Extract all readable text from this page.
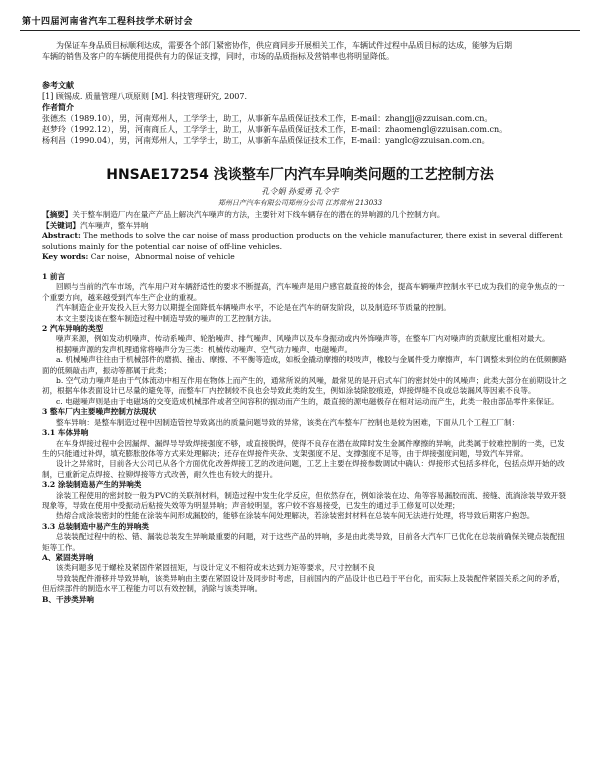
第十四届河南省汽车工程科技学术研讨会

为保证车身品质目标顺利达成，需要各个部门紧密协作，供应商同步开展相关工作，车辆试件过程中品质目标的达成，能够为后期

车辆的销售及客户的车辆使用提供有力的保证支撑，同时，市场的品质指标及营销率也将明显降低。

参考文献

[1] 顾锡成. 质量管理八项原则 [M]. 科技管理研究, 2007.

作者简介

张德杰（1989.10），男，河南郑州人，工学学士，助工，从事新车品质保证技术工作，E-mail：zhangjj@zzuisan.com.cn。

赵梦玲（1992.12），男，河南商丘人，工学学士，助工，从事新车品质保证技术工作，E-mail：zhaomengl@zzuisan.com.cn。

杨利昌（1990.04），男，河南郑州人，工学学士，助工，从事新车品质保证技术工作，E-mail：yanglc@zzuisan.com.cn。

HNSAE17254 浅谈整车厂内汽车异响类问题的工艺控制方法
孔令娟 孙爱勇 孔令宇
郑州日产汽车有限公司郑州分公司 江苏常州 213033

【摘要】关于整车制造厂内在量产产品上解决汽车噪声的方法，主要针对下线车辆存在的潜在的异响源的几个控制方向。

【关键词】汽车噪声，整车异响

Abstract: The methods to solve the car noise of mass production products on the vehicle manufacturer, there exist in several different solutions mainly for the potential car noise of off-line vehicles.

Key words: Car noise，Abnormal noise of vehicle

1 前言

回顾与当前的汽车市场，汽车用户对车辆舒适性的要求不断提高，汽车噪声是用户感官最直接的体会，提高车辆噪声控制水平已成为我们的竞争焦点的一个重要方向，越来越受到汽车生产企业的重视。

汽车制造企业开发投入巨大努力以期提全面降低车辆噪声水平，不论是在汽车的研发阶段，以及制造环节质量的控制。

本文主要浅谈在整车制造过程中制造导致的噪声的工艺控制方法。

2 汽车异响的类型

噪声来源，例如发动机噪声、传动系噪声、轮胎噪声、排气噪声、风噪声以及车身振动或内外饰噪声等，在整车厂内对噪声的贡献度比重相对最大。

根据噪声源的发声机理通常将噪声分为三类：机械传动噪声、空气动力噪声、电磁噪声。

a. 机械噪声往往由于机械部件的磨损、撞击、摩擦、不平衡等造成，如板金撬动摩擦的吱吱声，橡胶与金属件受力摩擦声，车门调整未到位的在低频颤路面的低频敲击声，振动等都属于此类；

b. 空气动力噪声是由于气体流动中相互作用在物体上而产生的，通常所说的风噪，最常见的是开启式车门的密封处中的风噪声；此类大部分在前期设计之初，根据车体表面设计已尽量的避免等，而整车厂内控制较不良也会导致此类的发生，例如涂装除胶痕迹，焊接焊缝不良或总装漏风等因素不良等。

c. 电磁噪声则是由于电磁场的交变造成机械部件或者空间容积的振动而产生的，最直接的源电磁极存在相对运动而产生，此类一般由部品零件来保证。

3 整车厂内主要噪声控制方法现状

整车异响：是整车制造过程中因制造管控导致离出的质量问题导致的异常，该类在汽车整车厂控制也是较为困难，下面从几个工程工厂制：

3.1 车体异响

在车身焊接过程中会因漏焊、漏焊导导致焊接强度不够，或直接脱焊，使得不良存在潜在故障时发生金属件摩擦的异响，此类属于较难控制的一类，已发生的只能通过补焊，填充膨胀胶体等方式来处理解决；还存在焊接件夹杂、支架强度不足、支撑强度不足等，由于焊接强度问题，导致汽车异常。

设计之异常时，目前各大公司已从各个方面优化改善焊接工艺的改进问题，工艺上主要在焊接参数调试中确认：焊接形式包括多样化，包括点焊开始的改制，已重新定点焊接、拉铆焊接等方式改善，耐久性也有较大的提升。

3.2 涂装制造易产生的异响类

涂装工程使用的密封胶一般为PVC的关联剂材料，制造过程中发生化学反应，但依然存在，例如涂装在边、角等容易漏胶而流、接缝、流淌涂装导致开裂现象等，导致在使用中受振动后粘接失效等为明显异响；声音较明显，客户较不容易接受，已发生的通过手工修复可以处理；

热熔合成涂装密封的性能在涂装车间形成漏胶的，能够在涂装车间处理解决，若涂装密封材料在总装车间无法进行处理，将导致后期客户抱怨。

3.3 总装制造中易产生的异响类

总装装配过程中的松、错、漏装总装发生异响最重要的问题，对于这些产品的异响，多是由此类导致，目前各大汽车厂已优化在总装前确保关键点装配扭矩等工作。

A、紧固类异响

该类问题多见于螺栓及紧固件紧固扭矩，与设计定义不相符或未达到力矩等要求，尺寸控制不良

导致装配件滑移并导致异响，该类异响由主要在紧固设计及同步时考虑，目前国内的产品设计也已趋于平台化，而实际上及装配件紧固关系之间的矛盾，但后续部件的制造水平工程能力可以有效控制，消除与该类异响。

B、干涉类异响
